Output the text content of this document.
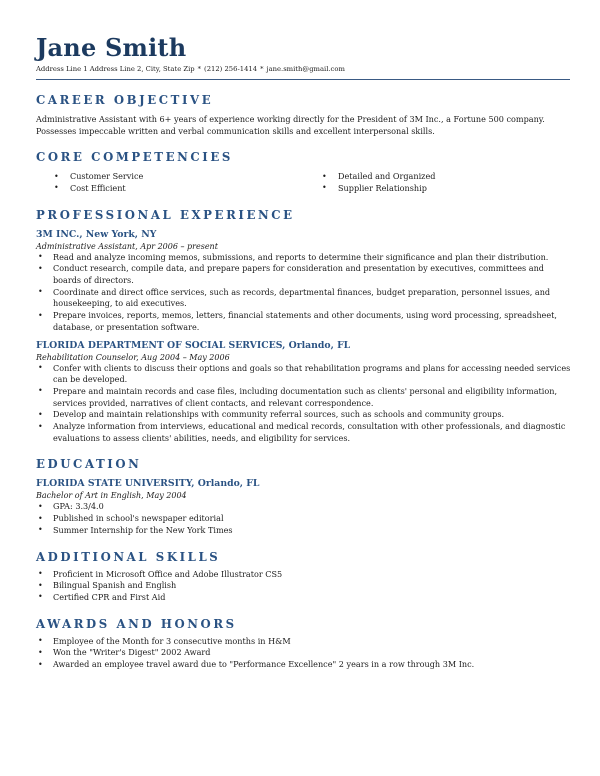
Jane Smith
Address Line 1 Address Line 2, City, State Zip * (212) 256-1414 * jane.smith@gmail.com
CAREER OBJECTIVE
Administrative Assistant with 6+ years of experience working directly for the President of 3M Inc., a Fortune 500 company. Possesses impeccable written and verbal communication skills and excellent interpersonal skills.
CORE COMPETENCIES
• Customer Service
• Cost Efficient
• Detailed and Organized
• Supplier Relationship
PROFESSIONAL EXPERIENCE
3M INC., New York, NY
Administrative Assistant, Apr 2006 – present
• Read and analyze incoming memos, submissions, and reports to determine their significance and plan their distribution.
• Conduct research, compile data, and prepare papers for consideration and presentation by executives, committees and boards of directors.
• Coordinate and direct office services, such as records, departmental finances, budget preparation, personnel issues, and housekeeping, to aid executives.
• Prepare invoices, reports, memos, letters, financial statements and other documents, using word processing, spreadsheet, database, or presentation software.
FLORIDA DEPARTMENT OF SOCIAL SERVICES, Orlando, FL
Rehabilitation Counselor, Aug 2004 – May 2006
• Confer with clients to discuss their options and goals so that rehabilitation programs and plans for accessing needed services can be developed.
• Prepare and maintain records and case files, including documentation such as clients' personal and eligibility information, services provided, narratives of client contacts, and relevant correspondence.
• Develop and maintain relationships with community referral sources, such as schools and community groups.
• Analyze information from interviews, educational and medical records, consultation with other professionals, and diagnostic evaluations to assess clients' abilities, needs, and eligibility for services.
EDUCATION
FLORIDA STATE UNIVERSITY, Orlando, FL
Bachelor of Art in English, May 2004
• GPA: 3.3/4.0
• Published in school's newspaper editorial
• Summer Internship for the New York Times
ADDITIONAL SKILLS
• Proficient in Microsoft Office and Adobe Illustrator CS5
• Bilingual Spanish and English
• Certified CPR and First Aid
AWARDS AND HONORS
• Employee of the Month for 3 consecutive months in H&M
• Won the "Writer's Digest" 2002 Award
• Awarded an employee travel award due to "Performance Excellence" 2 years in a row through 3M Inc.
